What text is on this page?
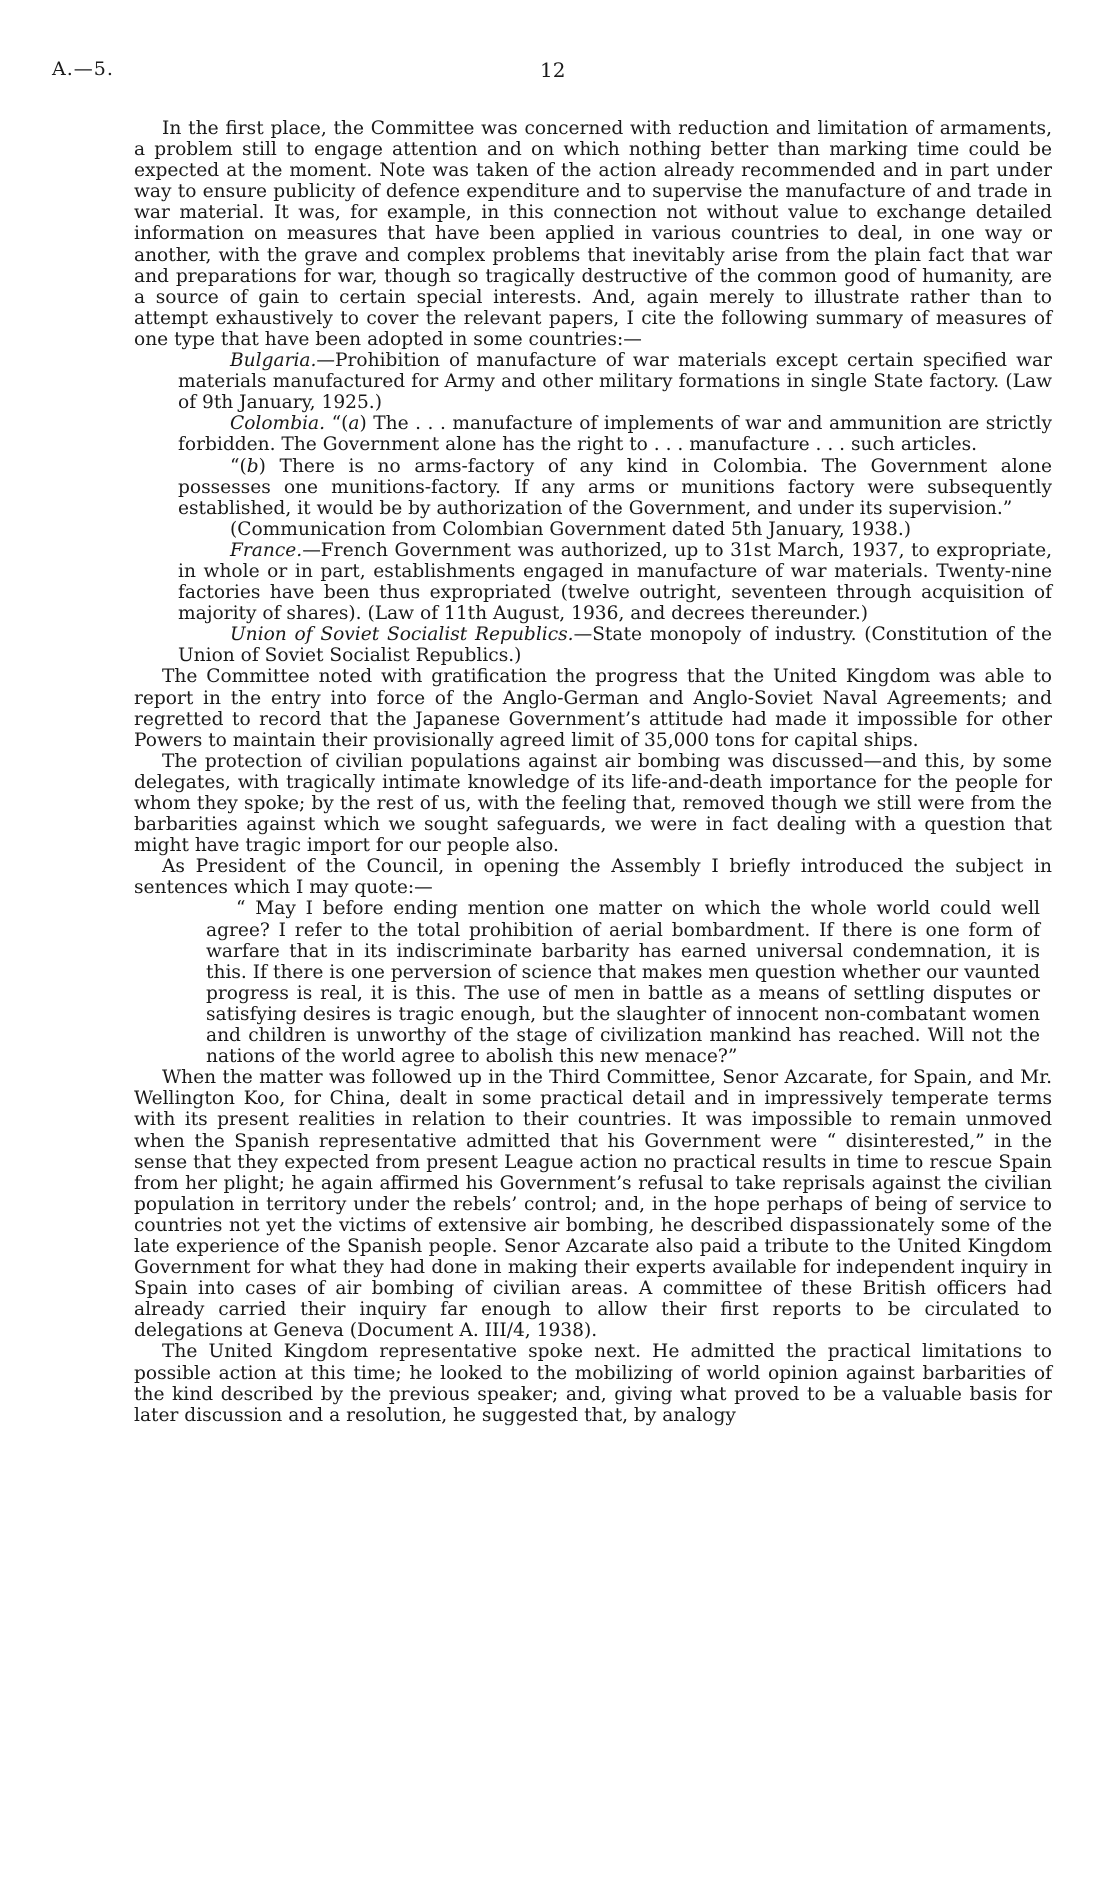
A.—5.	12

In the first place, the Committee was concerned with reduction and limitation of armaments, a problem still to engage attention and on which nothing better than marking time could be expected at the moment. Note was taken of the action already recommended and in part under way to ensure publicity of defence expenditure and to supervise the manufacture of and trade in war material. It was, for example, in this connection not without value to exchange detailed information on measures that have been applied in various countries to deal, in one way or another, with the grave and complex problems that inevitably arise from the plain fact that war and preparations for war, though so tragically destructive of the common good of humanity, are a source of gain to certain special interests. And, again merely to illustrate rather than to attempt exhaustively to cover the relevant papers, I cite the following summary of measures of one type that have been adopted in some countries:—

Bulgaria.—Prohibition of manufacture of war materials except certain specified war materials manufactured for Army and other military formations in single State factory. (Law of 9th January, 1925.)

Colombia. “(a) The . . . manufacture of implements of war and ammunition are strictly forbidden. The Government alone has the right to . . . manufacture . . . such articles.

“(b) There is no arms-factory of any kind in Colombia. The Government alone possesses one munitions-factory. If any arms or munitions factory were subsequently established, it would be by authorization of the Government, and under its supervision.”

(Communication from Colombian Government dated 5th January, 1938.)

France.—French Government was authorized, up to 31st March, 1937, to expropriate, in whole or in part, establishments engaged in manufacture of war materials. Twenty-nine factories have been thus expropriated (twelve outright, seventeen through acquisition of majority of shares). (Law of 11th August, 1936, and decrees thereunder.)

Union of Soviet Socialist Republics.—State monopoly of industry. (Constitution of the Union of Soviet Socialist Republics.)

The Committee noted with gratification the progress that the United Kingdom was able to report in the entry into force of the Anglo-German and Anglo-Soviet Naval Agreements; and regretted to record that the Japanese Government’s attitude had made it impossible for other Powers to maintain their provisionally agreed limit of 35,000 tons for capital ships.

The protection of civilian populations against air bombing was discussed—and this, by some delegates, with tragically intimate knowledge of its life-and-death importance for the people for whom they spoke; by the rest of us, with the feeling that, removed though we still were from the barbarities against which we sought safeguards, we were in fact dealing with a question that might have tragic import for our people also.

As President of the Council, in opening the Assembly I briefly introduced the subject in sentences which I may quote:—

“ May I before ending mention one matter on which the whole world could well agree? I refer to the total prohibition of aerial bombardment. If there is one form of warfare that in its indiscriminate barbarity has earned universal condemnation, it is this. If there is one perversion of science that makes men question whether our vaunted progress is real, it is this. The use of men in battle as a means of settling disputes or satisfying desires is tragic enough, but the slaughter of innocent non-combatant women and children is unworthy of the stage of civilization mankind has reached. Will not the nations of the world agree to abolish this new menace?”

When the matter was followed up in the Third Committee, Senor Azcarate, for Spain, and Mr. Wellington Koo, for China, dealt in some practical detail and in impressively temperate terms with its present realities in relation to their countries. It was impossible to remain unmoved when the Spanish representative admitted that his Government were “ disinterested,” in the sense that they expected from present League action no practical results in time to rescue Spain from her plight; he again affirmed his Government’s refusal to take reprisals against the civilian population in territory under the rebels’ control; and, in the hope perhaps of being of service to countries not yet the victims of extensive air bombing, he described dispassionately some of the late experience of the Spanish people. Senor Azcarate also paid a tribute to the United Kingdom Government for what they had done in making their experts available for independent inquiry in Spain into cases of air bombing of civilian areas. A committee of these British officers had already carried their inquiry far enough to allow their first reports to be circulated to delegations at Geneva (Document A. III/4, 1938).

The United Kingdom representative spoke next. He admitted the practical limitations to possible action at this time; he looked to the mobilizing of world opinion against barbarities of the kind described by the previous speaker; and, giving what proved to be a valuable basis for later discussion and a resolution, he suggested that, by analogy
